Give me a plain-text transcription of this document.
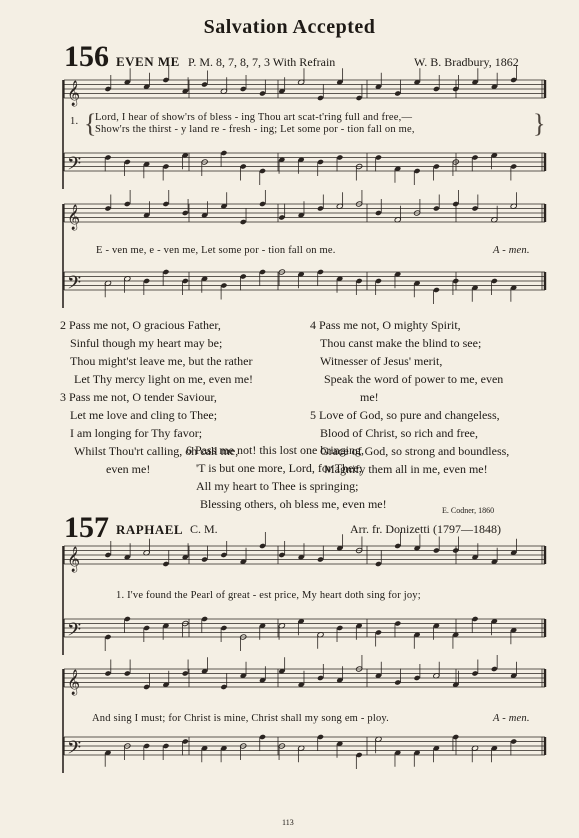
Salvation Accepted
156 EVEN ME P. M. 8, 7, 8, 7, 3 With Refrain	W. B. Bradbury, 1862
𝄞
𝄢
𝄞
𝄢
𝄞
𝄢
𝄞
𝄢
1. {
Lord, I hear of show'rs of bless - ing Thou art scat-t'ring full and free,—
Show'rs the thirst - y land re - fresh - ing; Let some por - tion fall on me,	}
E - ven me, e - ven me, Let some por - tion fall on me.	A - men.
2 Pass me not, O gracious Father,
Sinful though my heart may be;
Thou might'st leave me, but the rather
Let Thy mercy light on me, even me!
3 Pass me not, O tender Saviour,
Let me love and cling to Thee;
I am longing for Thy favor;
Whilst Thou'rt calling, oh call me,
even me!
4 Pass me not, O mighty Spirit,
Thou canst make the blind to see;
Witnesser of Jesus' merit,
Speak the word of power to me, even
me!
5 Love of God, so pure and changeless,
Blood of Christ, so rich and free,
Grace of God, so strong and boundless,
Magnify them all in me, even me!
6 Pass me not! this lost one bringing,
'T is but one more, Lord, for Thee;
All my heart to Thee is springing;
Blessing others, oh bless me, even me!	E. Codner, 1860
157 RAPHAEL C. M.	Arr. fr. Donizetti (1797—1848)
1. I've found the Pearl of great - est price, My heart doth sing for joy;
And sing I must; for Christ is mine, Christ shall my song em - ploy.	A - men.
113
